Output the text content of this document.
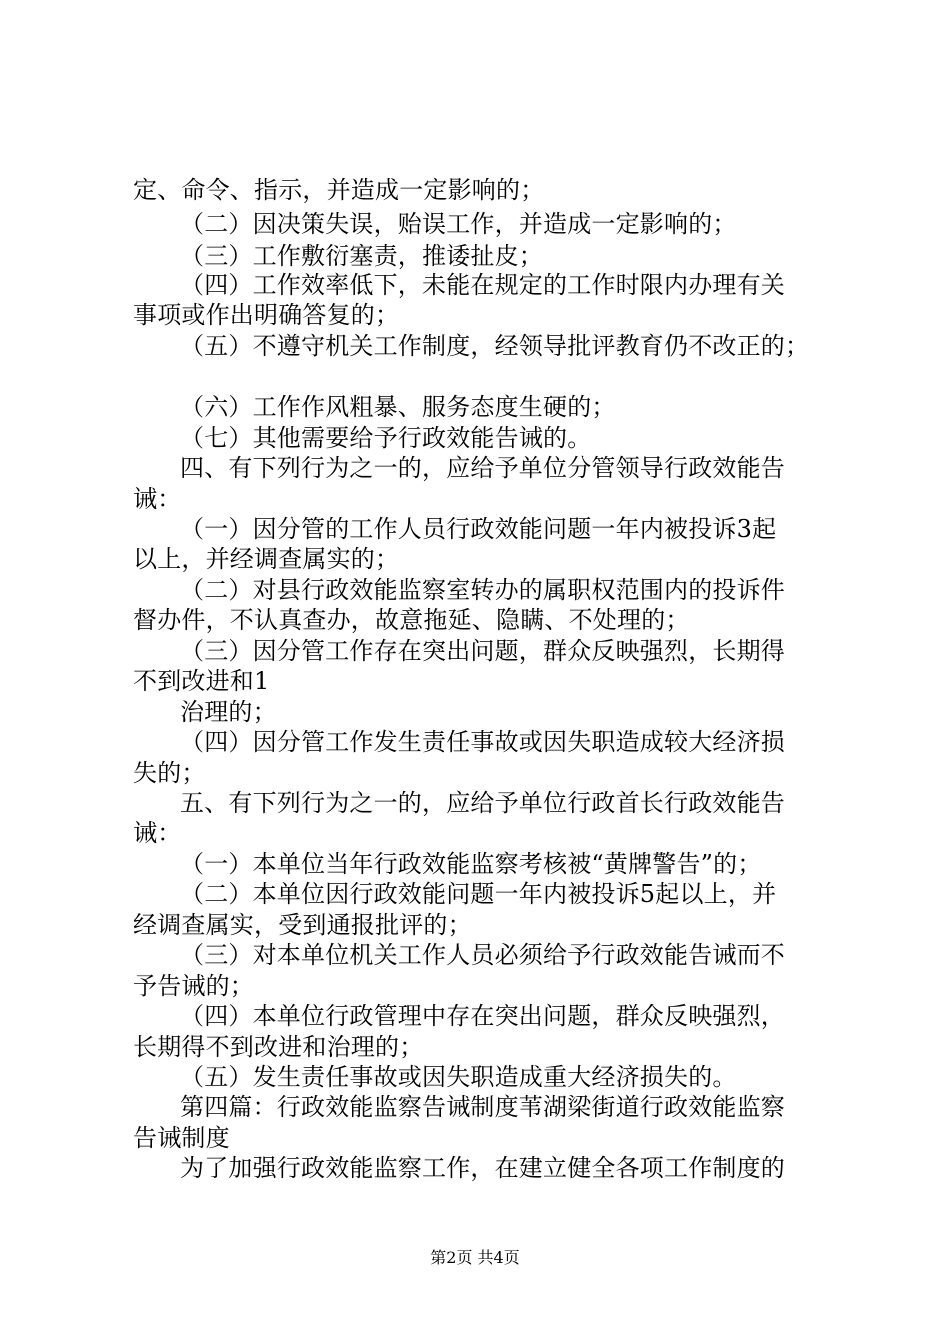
定、命令、指示，并造成一定影响的；
（二）因决策失误，贻误工作，并造成一定影响的；
（三）工作敷衍塞责，推诿扯皮；
（四）工作效率低下，未能在规定的工作时限内办理有关
事项或作出明确答复的；
（五）不遵守机关工作制度，经领导批评教育仍不改正的；
（六）工作作风粗暴、服务态度生硬的；
（七）其他需要给予行政效能告诫的。
四、有下列行为之一的，应给予单位分管领导行政效能告
诫：
（一）因分管的工作人员行政效能问题一年内被投诉3起
以上，并经调查属实的；
（二）对县行政效能监察室转办的属职权范围内的投诉件
督办件，不认真查办，故意拖延、隐瞒、不处理的；
（三）因分管工作存在突出问题，群众反映强烈，长期得
不到改进和1
治理的；
（四）因分管工作发生责任事故或因失职造成较大经济损
失的；
五、有下列行为之一的，应给予单位行政首长行政效能告
诫：
（一）本单位当年行政效能监察考核被“黄牌警告”的；
（二）本单位因行政效能问题一年内被投诉5起以上，并
经调查属实，受到通报批评的；
（三）对本单位机关工作人员必须给予行政效能告诫而不
予告诫的；
（四）本单位行政管理中存在突出问题，群众反映强烈，
长期得不到改进和治理的；
（五）发生责任事故或因失职造成重大经济损失的。
第四篇：行政效能监察告诫制度苇湖梁街道行政效能监察
告诫制度
为了加强行政效能监察工作，在建立健全各项工作制度的
第2页 共4页
